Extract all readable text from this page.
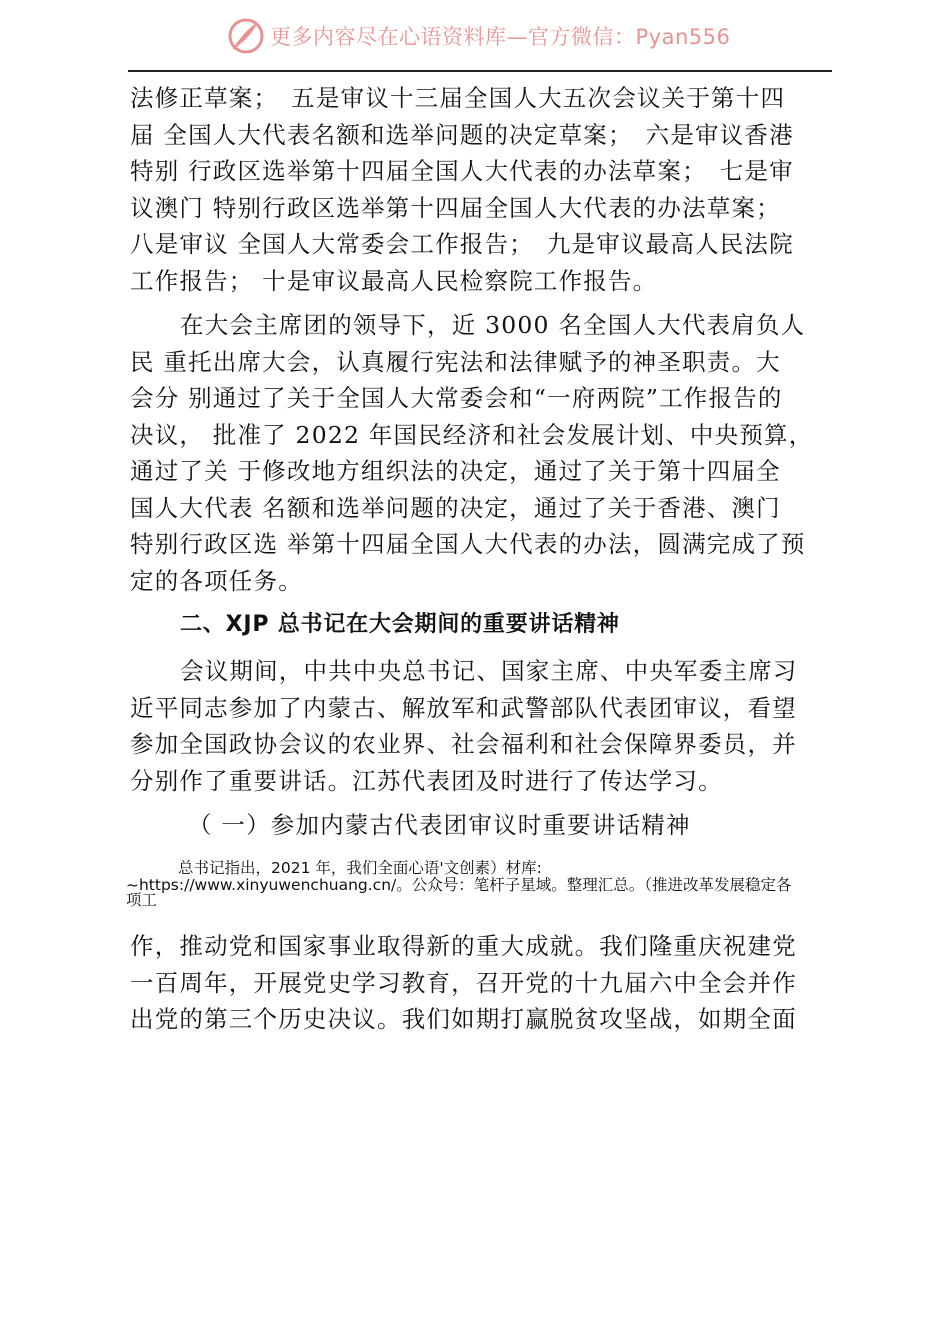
更多内容尽在心语资料库—官方微信：Pyan556
法修正草案；　五是审议十三届全国人大五次会议关于第十四
届 全国人大代表名额和选举问题的决定草案；　六是审议香港
特别 行政区选举第十四届全国人大代表的办法草案；　七是审
议澳门 特别行政区选举第十四届全国人大代表的办法草案；
八是审议 全国人大常委会工作报告；　九是审议最高人民法院
工作报告； 十是审议最高人民检察院工作报告。
在大会主席团的领导下，近 3000 名全国人大代表肩负人
民 重托出席大会，认真履行宪法和法律赋予的神圣职责。大
会分 别通过了关于全国人大常委会和“一府两院”工作报告的
决议， 批准了 2022 年国民经济和社会发展计划、中央预算，
通过了关 于修改地方组织法的决定，通过了关于第十四届全
国人大代表 名额和选举问题的决定，通过了关于香港、澳门
特别行政区选 举第十四届全国人大代表的办法，圆满完成了预
定的各项任务。
二、XJP 总书记在大会期间的重要讲话精神
会议期间，中共中央总书记、国家主席、中央军委主席习
近平同志参加了内蒙古、解放军和武警部队代表团审议，看望
参加全国政协会议的农业界、社会福利和社会保障界委员，并
分别作了重要讲话。江苏代表团及时进行了传达学习。
（ 一）参加内蒙古代表团审议时重要讲话精神
总书记指出，2021 年，我们全面心语'文创素）材库:
~https://www.xinyuwenchuang.cn/。公众号：笔杆子星域。整理汇总。（推进改革发展稳定各
项工
作，推动党和国家事业取得新的重大成就。我们隆重庆祝建党
一百周年，开展党史学习教育，召开党的十九届六中全会并作
出党的第三个历史决议。我们如期打赢脱贫攻坚战，如期全面
